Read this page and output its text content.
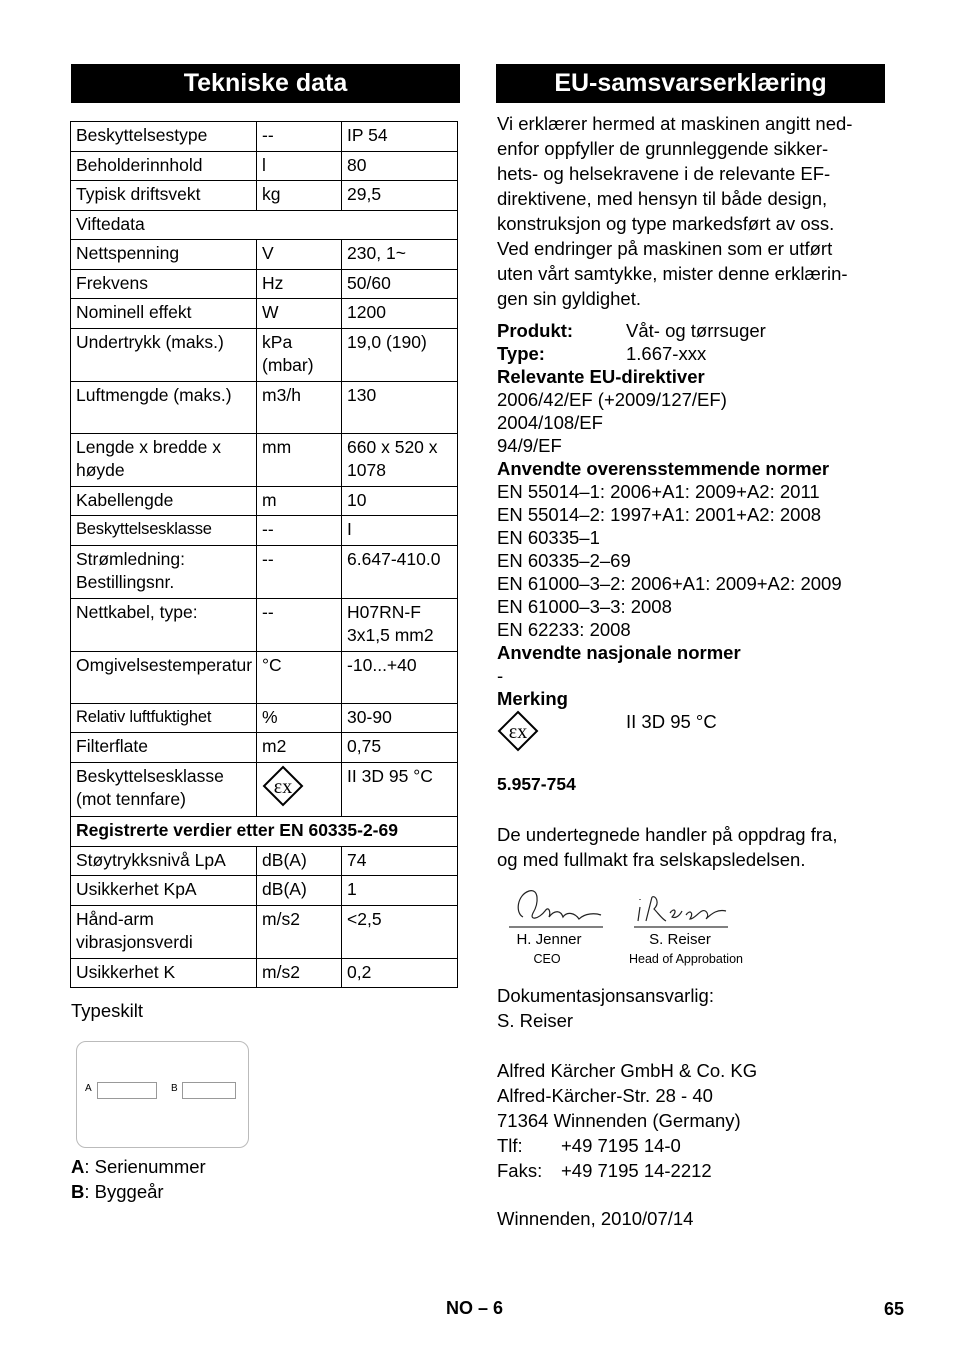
Tekniske data
Beskyttelsestype	--	IP 54
Beholderinnhold	l	80
Typisk driftsvekt	kg	29,5
Viftedata		
Nettspenning	V	230, 1~
Frekvens	Hz	50/60
Nominell effekt	W	1200
Undertrykk (maks.)	kPa (mbar)	19,0 (190)
Luftmengde (maks.)	m3/h	130
Lengde x bredde x høyde	mm	660 x 520 x 1078
Kabellengde	m	10
Beskyttelsesklasse	--	I
Strømledning: Bestillingsnr.	--	6.647-410.0
Nettkabel, type:	--	H07RN-F 3x1,5 mm2
Omgivelsestemperatur	°C	-10...+40
Relativ luftfuktighet	%	30-90
Filterflate	m2	0,75
Beskyttelsesklasse (mot tennfare)	εx	II 3D 95 °C
Registrerte verdier etter EN 60335-2-69		
Støytrykksnivå LpA	dB(A)	74
Usikkerhet KpA	dB(A)	1
Hånd-arm vibrasjonsverdi	m/s2	<2,5
Usikkerhet K	m/s2	0,2
Typeskilt
A	B
A: Serienummer
B: Byggeår
EU-samsvarserklæring
Vi erklærer hermed at maskinen angitt ned-
enfor oppfyller de grunnleggende sikker-
hets- og helsekravene i de relevante EF-
direktivene, med hensyn til både design,
konstruksjon og type markedsført av oss.
Ved endringer på maskinen som er utført
uten vårt samtykke, mister denne erklærin-
gen sin gyldighet.
Produkt:	Våt- og tørrsuger
Type:	1.667-xxx
Relevante EU-direktiver
2006/42/EF (+2009/127/EF)
2004/108/EF
94/9/EF
Anvendte overensstemmende normer
EN 55014–1: 2006+A1: 2009+A2: 2011
EN 55014–2: 1997+A1: 2001+A2: 2008
EN 60335–1
EN 60335–2–69
EN 61000–3–2: 2006+A1: 2009+A2: 2009
EN 61000–3–3: 2008
EN 62233: 2008
Anvendte nasjonale normer
-
Merking
εx	II 3D 95 °C
5.957-754
De undertegnede handler på oppdrag fra,
og med fullmakt fra selskapsledelsen.
H. Jenner
CEO
S. Reiser
Head of Approbation
Dokumentasjonsansvarlig:
S. Reiser
Alfred Kärcher GmbH & Co. KG
Alfred-Kärcher-Str. 28 - 40
71364 Winnenden (Germany)
Tlf:	+49 7195 14-0
Faks:	+49 7195 14-2212
Winnenden, 2010/07/14
NO – 6	65
